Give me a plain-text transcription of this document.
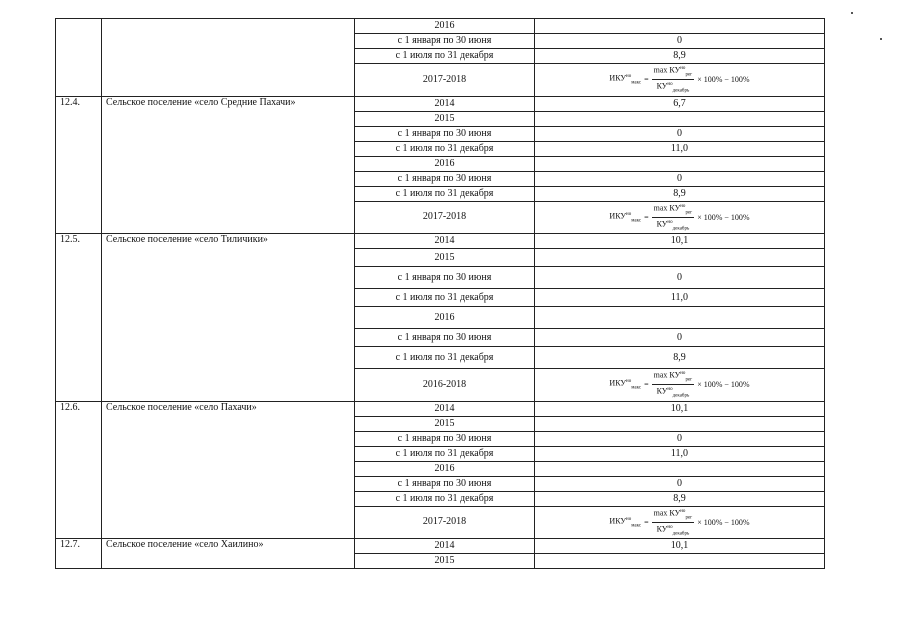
		2016	
		с 1 января по 30 июня	0
		с 1 июля по 31 декабря	8,9
		2017-2018	$ИКУ^{но}_{макс} = \frac{\max КУ^{но}_{рег}}{КУ^{но}_{декабрь}} \times 100\% - 100\%$

12.4.	Сельское поселение «село Средние Пахачи»	2014	6,7
		2015	
		с 1 января по 30 июня	0
		с 1 июля по 31 декабря	11,0
		2016	
		с 1 января по 30 июня	0
		с 1 июля по 31 декабря	8,9
		2017-2018	$ИКУ^{но}_{макс} = \frac{\max КУ^{но}_{рег}}{КУ^{но}_{декабрь}} \times 100\% - 100\%$

12.5.	Сельское поселение «село Тиличики»	2014	10,1
		2015	
		с 1 января по 30 июня	0
		с 1 июля по 31 декабря	11,0
		2016	
		с 1 января по 30 июня	0
		с 1 июля по 31 декабря	8,9
		2016-2018	$ИКУ^{но}_{макс} = \frac{\max КУ^{но}_{рег}}{КУ^{но}_{декабрь}} \times 100\% - 100\%$

12.6.	Сельское поселение «село Пахачи»	2014	10,1
		2015	
		с 1 января по 30 июня	0
		с 1 июля по 31 декабря	11,0
		2016	
		с 1 января по 30 июня	0
		с 1 июля по 31 декабря	8,9
		2017-2018	$ИКУ^{но}_{макс} = \frac{\max КУ^{но}_{рег}}{КУ^{но}_{декабрь}} \times 100\% - 100\%$

12.7.	Сельское поселение «село Хаилино»	2014	10,1
		2015	
